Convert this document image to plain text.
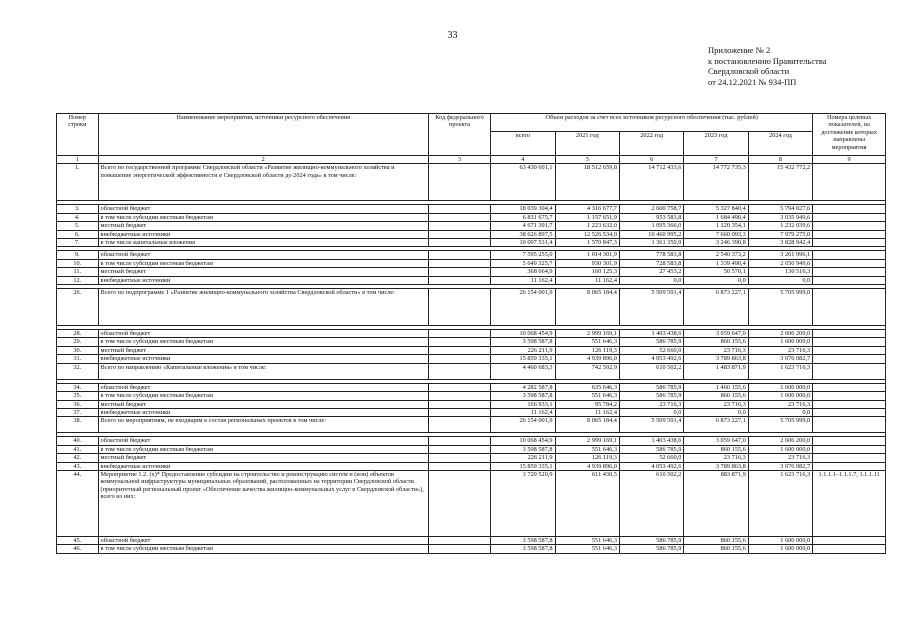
33
Приложение № 2
к постановлению Правительства
Свердловской области
от 24.12.2021 № 934-ПП
Номер строки	Наименование мероприятия, источники ресурсного обеспечения	Код федерального проекта	Объем расходов за счет всех источников ресурсного обеспечения (тыс. рублей)					Номера целевых показателей, на достижение которых направлены мероприятия
			всего	2021 год	2022 год	2023 год	2024 год	
1	2	3	4	5	6	7	8	9
1.	Всего по государственной программе Свердловской области «Развитие жилищно-коммунального хозяйства и повышение энергетической эффективности в Свердловской области до 2024 года» в том числе:		63 430 601,1	18 512 659,8	14 712 433,6	14 772 735,3	15 432 772,2	

3.	областной бюджет		18 039 304,4	4 316 677,7	2 600 758,7	5 327 840,4	5 794 027,6	
4.	в том числе субсидии местным бюджетам		6 831 675,7	1 157 651,9	953 583,8	1 684 490,4	3 035 949,6	
5.	местный бюджет		4 671 391,7	1 223 632,0	1 095 366,0	1 120 354,1	1 232 039,6	
6.	внебюджетные источники		38 626 897,5	12 526 534,0	10 460 995,2	7 660 093,3	7 979 275,0	
7.	в том числе капитальные вложения		10 007 531,4	1 570 847,3	1 361 350,9	3 246 390,8	3 828 942,4	

9.	областной бюджет		7 595 255,0	1 014 301,9	778 583,8	2 540 373,2	3 261 996,1	
10.	в том числе субсидии местным бюджетам		5 649 325,7	930 301,9	728 583,8	1 339 490,4	2 650 949,6	
11.	местный бюджет		368 664,9	160 125,3	27 453,2	50 570,1	130 516,3	
12.	внебюджетные источники		11 162,4	11 162,4	0,0	0,0	0,0	

26.	Всего по подпрограмме 1 «Развитие жилищно-коммунального хозяйства Свердловской области» в том числе:		26 154 001,9	8 065 184,4	5 509 591,4	6 873 227,1	5 705 999,0	

28.	областной бюджет		10 068 454,9	2 999 169,1	1 403 438,6	3 059 647,0	2 606 200,0	
29.	в том числе субсидии местным бюджетам		3 598 587,8	551 646,3	586 785,9	860 155,6	1 600 000,0	
30.	местный бюджет		226 211,9	126 119,3	52 660,0	23 716,3	23 716,3	
31.	внебюджетные источники		15 859 335,1	4 939 896,0	4 053 492,6	3 789 863,8	3 076 082,7	
32.	Всего по направлению «Капитальные вложения» в том числе:		4 460 683,3	742 592,9	610 502,2	1 483 871,9	1 623 716,3	

34.	областной бюджет		4 282 587,8	635 646,3	586 785,9	1 460 155,6	1 600 000,0	
35.	в том числе субсидии местным бюджетам		3 598 587,8	551 646,3	586 785,9	860 155,6	1 600 000,0	
36.	местный бюджет		166 933,1	95 784,2	23 716,3	23 716,3	23 716,3	
37.	внебюджетные источники		11 162,4	11 162,4	0,0	0,0	0,0	
38.	Всего по мероприятиям, не входящим в состав региональных проектов в том числе:		26 154 001,9	8 065 184,4	5 509 591,4	6 873 227,1	5 705 999,0	

40.	областной бюджет		10 068 454,9	2 999 169,1	1 403 438,6	3 059 647,0	2 606 200,0	
41.	в том числе субсидии местным бюджетам		3 598 587,8	551 646,3	586 785,9	860 155,6	1 600 000,0	
42.	местный бюджет		226 211,9	126 119,3	52 660,0	23 716,3	23 716,3	
43.	внебюджетные источники		15 859 335,1	4 939 896,0	4 053 492,6	3 789 863,8	3 076 082,7	
44.	Мероприятие 1.2. (х)* Предоставление субсидии на строительство и реконструкцию систем и (или) объектов коммунальной инфраструктуры муниципальных образований, расположенных на территории Свердловской области (приоритетный региональный проект «Обеспечение качества жилищно-коммунальных услуг в Свердловской области»), всего из них:		3 729 520,9	611 430,5	610 502,2	883 871,9	1 623 716,3	1.1.1.1–1.1.1.7, 1.1.1.11
45.	областной бюджет		3 598 587,8	551 646,3	586 785,9	860 155,6	1 600 000,0	
46.	в том числе субсидии местным бюджетам		3 598 587,8	551 646,3	586 785,9	860 155,6	1 600 000,0	
